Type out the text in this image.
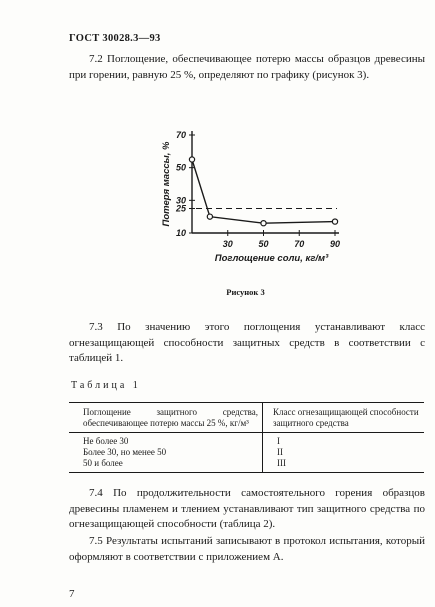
ГОСТ 30028.3—93
7.2 Поглощение, обеспечивающее потерю массы образцов древесины при горении, равную 25 %, определяют по графику (рисунок 3).
10
25
30
50
70
30	50	70	90
Потеря массы, %
Поглощение соли, кг/м³
Рисунок 3
7.3 По значению этого поглощения устанавливают класс огнезащищающей способности защитных средств в соответствии с таблицей 1.
Таблица 1
Поглощение защитного средства, обеспечивающее потерю массы 25 %, кг/м³	Класс огнезащищающей способности защитного средства
Не более 30	I
Более 30, но менее 50	II
50 и более	III
7.4 По продолжительности самостоятельного горения образцов древесины пламенем и тлением устанавливают тип защитного средства по огнезащищающей способности (таблица 2).
7.5 Результаты испытаний записывают в протокол испытания, который оформляют в соответствии с приложением А.
7
